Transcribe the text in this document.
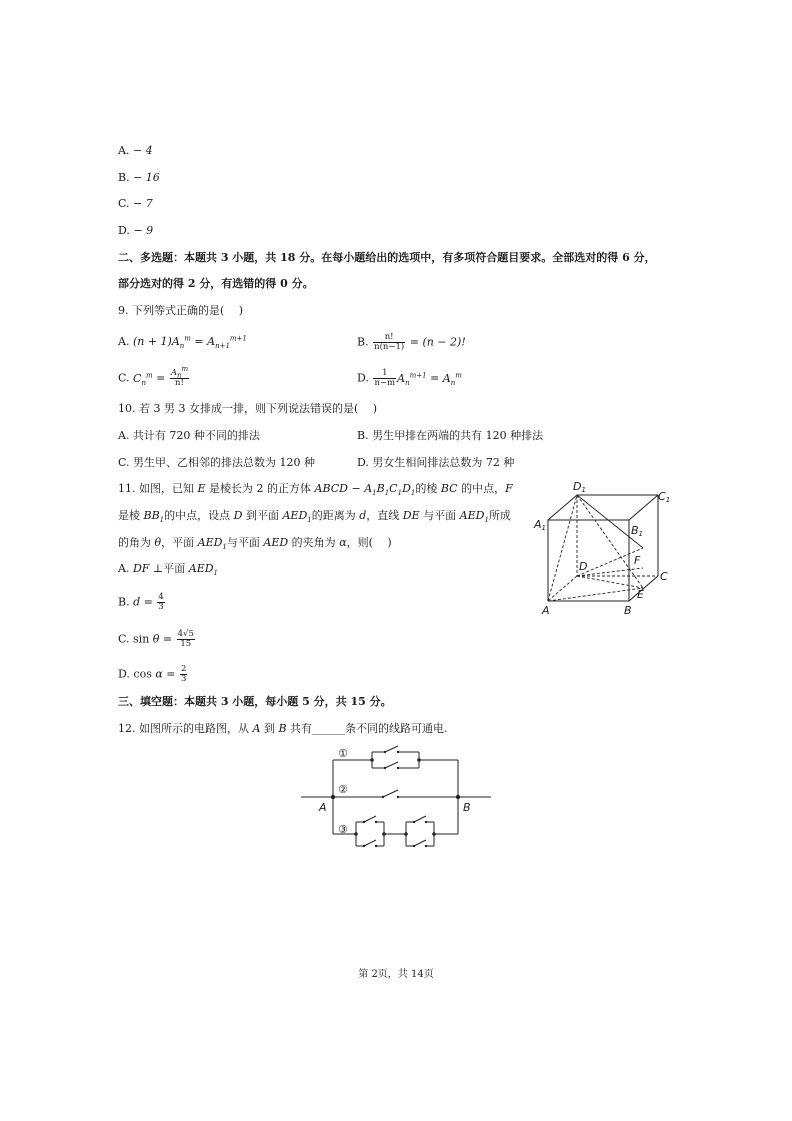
A. − 4
B. − 16
C. − 7
D. − 9
二、多选题：本题共 3 小题，共 18 分。在每小题给出的选项中，有多项符合题目要求。全部选对的得 6 分，
部分选对的得 2 分，有选错的得 0 分。
9. 下列等式正确的是(　 )
A. $(n + 1)A_n^m = A_{n+1}^{m+1}$	B. $\frac{n!}{n(n-1)} = (n - 2)$!
C. $C_n^m = \frac{A_n^m}{n!}$	D. $\frac{1}{n-m} A_n^{m+1} = A_n^m$
10. 若 3 男 3 女排成一排，则下列说法错误的是(　 )
A. 共计有 720 种不同的排法	B. 男生甲排在两端的共有 120 种排法
C. 男生甲、乙相邻的排法总数为 120 种	D. 男女生相间排法总数为 72 种
11. 如图，已知 E 是棱长为 2 的正方体 ABCD − $A_1B_1C_1D_1$的棱 BC 的中点，F
是棱 $BB_1$的中点，设点 D 到平面 $AED_1$的距离为 d，直线 DE 与平面 $AED_1$所成
的角为 θ，平面 $AED_1$与平面 AED 的夹角为 α，则(　 )
A. DF ⊥平面 $AED_1$
B. $d = \frac{4}{3}$
C. $\sin \theta = \frac{4√5}{15}$
D. $\cos \alpha = \frac{2}{3}$
D1	C1
A1	B1
D	F
C
A	B
E
三、填空题：本题共 3 小题，每小题 5 分，共 15 分。
12. 如图所示的电路图，从 A 到 B 共有______条不同的线路可通电.
①
②
③
A	B
第 2页，共 14页
